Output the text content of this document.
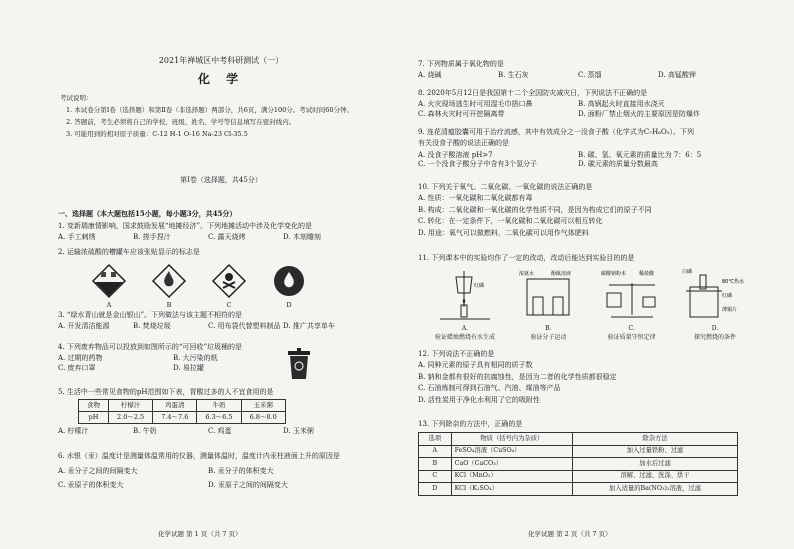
2021年禅城区中考科研测试（一）
化 学
考试说明：
1. 本试卷分第Ⅰ卷（选择题）和第Ⅱ卷（非选择题）两部分，共6页，满分100分。考试时间60分钟。
2. 答题前，考生必须将自己的学校、班级、姓名、学号等信息填写在密封线内。
3. 可能用到的相对原子质量：C-12 H-1 O-16 Na-23 Cl-35.5
第Ⅰ卷（选择题，共45分）
一、选择题（本大题包括15小题，每小题3分，共45分）
1. 变新瑞康情影响，国求鼓励发展“地摊经济”。下列地摊活动中涉及化学变化的是
A. 手工刺绣	B. 搓手捏汁	C. 露天烧烤	D. 木刻雕刻
2. 运输浓硫酸的槽罐车应该张贴显示的标志是
A	B	C	D
3. “绿水青山就是金山银山”。下列做法与该主题不相符的是
A. 开发清洁能源	B. 焚烧垃圾	C. 用布袋代替塑料制品 D. 推广共享单车
4. 下列废弃物品可以投放到如图所示的“可回收”垃圾桶的是
A. 过期的药物	B. 大污染的纸
C. 废弃口罩	D. 易拉罐
5. 生活中一些常见食物的pH范围如下表，胃酸过多的人不宜食用的是
食物	柠檬汁	鸡蛋清	牛奶	玉米粥
pH	2.0～2.5	7.4～7.6	6.3～6.5	6.8～8.0
A. 柠檬汁	B. 牛奶	C. 鸡蛋	D. 玉米粥
6. 水银（汞）温度计是测量体温常用的仪器，测量体温时，温度计内汞柱液面上升的原因是
A. 汞分子之间的间隔变大	B. 汞分子的体积变大
C. 汞原子的体积变大	D. 汞原子之间的间隔变大
化学试题 第 1 页（共 7 页）
7. 下列物质属于氧化物的是
A. 烧碱	B. 生石灰	C. 蒸馏	D. 高锰酸钾
8. 2020年5月12日是我国第十二个全国防灾减灾日，下列说法不正确的是
A. 火灾现场逃生时可用湿毛巾捂口鼻	B. 高锅起火时直接用水浇灭
C. 森林火灾时可开挖隔离带	D. 面粉厂禁止烟火的主要原因是防爆炸
9. 连花清瘟胶囊可用于治疗流感，其中有效成分之一没食子酸（化学式为C₇H₆O₅）。下列
有关没食子酸的说法正确的是
A. 没食子酸溶液 pH>7	B. 碳、氢、氧元素的质量比为 7：6：5
C. 一个没食子酸分子中含有3个氢分子	D. 碳元素的质量分数最高
10. 下列关于氧气、二氧化碳、一氧化碳的说法正确的是
A. 性质：一氧化碳和二氧化碳都有毒
B. 构成：二氧化碳和一氧化碳的化学性质不同，是因为构成它们的原子不同
C. 转化：在一定条件下，一氧化碳和二氧化碳可以相互转化
D. 用途：氧气可以做燃料，二氧化碳可以用作气体肥料
11. 下列课本中的实验均作了一定的改动，改动后能达到实验目的的是
红磷
A.
验证蜡烛燃烧有水生成
浓氨水	酚酞溶液
B.
验证分子运动
碳酸钠粉末	稀盐酸
C.
验证质量守恒定律
白磷
80℃热水
红磷
薄铜片
D.
探究燃烧的条件
12. 下列说法不正确的是
A. 同种元素的原子具有相同的质子数
B. 钠和金都有很好的抗腐蚀性，是因为二者的化学性质都很稳定
C. 石油炼制可得到石油气、汽油、煤油等产品
D. 活性炭用于净化水利用了它的吸附性
13. 下列除杂的方法中，正确的是
选项	物质（括号内为杂质）	除杂方法
A	FeSO₄溶液（CuSO₄）	加入过量铁粉、过滤
B	CaO（CaCO₃）	加水后过滤
C	KCl（MnO₂）	溶解、过滤、洗涤、烘干
D	KCl（K₂SO₄）	加入适量的Ba(NO₃)₂溶液，过滤
化学试题 第 2 页（共 7 页）
